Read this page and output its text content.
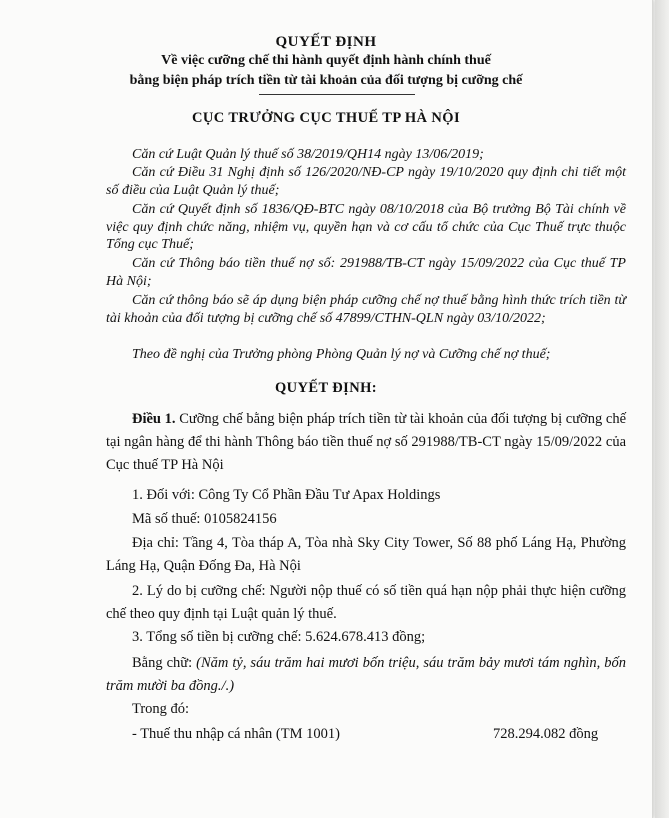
QUYẾT ĐỊNH
Về việc cưỡng chế thi hành quyết định hành chính thuế
bằng biện pháp trích tiền từ tài khoản của đối tượng bị cưỡng chế
CỤC TRƯỞNG CỤC THUẾ TP HÀ NỘI

Căn cứ Luật Quản lý thuế số 38/2019/QH14 ngày 13/06/2019;

Căn cứ Điều 31 Nghị định số 126/2020/NĐ-CP ngày 19/10/2020 quy định chi tiết một số điều của Luật Quản lý thuế;

Căn cứ Quyết định số 1836/QĐ-BTC ngày 08/10/2018 của Bộ trưởng Bộ Tài chính về việc quy định chức năng, nhiệm vụ, quyền hạn và cơ cấu tổ chức của Cục Thuế trực thuộc Tổng cục Thuế;

Căn cứ Thông báo tiền thuế nợ số: 291988/TB-CT ngày 15/09/2022 của Cục thuế TP Hà Nội;

Căn cứ thông báo sẽ áp dụng biện pháp cưỡng chế nợ thuế bằng hình thức trích tiền từ tài khoản của đối tượng bị cưỡng chế số 47899/CTHN-QLN ngày 03/10/2022;

Theo đề nghị của Trưởng phòng Phòng Quản lý nợ và Cưỡng chế nợ thuế;

QUYẾT ĐỊNH:

Điều 1. Cưỡng chế bằng biện pháp trích tiền từ tài khoản của đối tượng bị cưỡng chế tại ngân hàng để thi hành Thông báo tiền thuế nợ số 291988/TB-CT ngày 15/09/2022 của Cục thuế TP Hà Nội

1. Đối với: Công Ty Cổ Phần Đầu Tư Apax Holdings
Mã số thuế: 0105824156

Địa chỉ: Tầng 4, Tòa tháp A, Tòa nhà Sky City Tower, Số 88 phố Láng Hạ, Phường Láng Hạ, Quận Đống Đa, Hà Nội

2. Lý do bị cưỡng chế: Người nộp thuế có số tiền quá hạn nộp phải thực hiện cưỡng chế theo quy định tại Luật quản lý thuế.

3. Tổng số tiền bị cưỡng chế: 5.624.678.413 đồng;

Bằng chữ: (Năm tỷ, sáu trăm hai mươi bốn triệu, sáu trăm bảy mươi tám nghìn, bốn trăm mười ba đồng./.)

Trong đó:
- Thuế thu nhập cá nhân (TM 1001)	728.294.082 đồng
